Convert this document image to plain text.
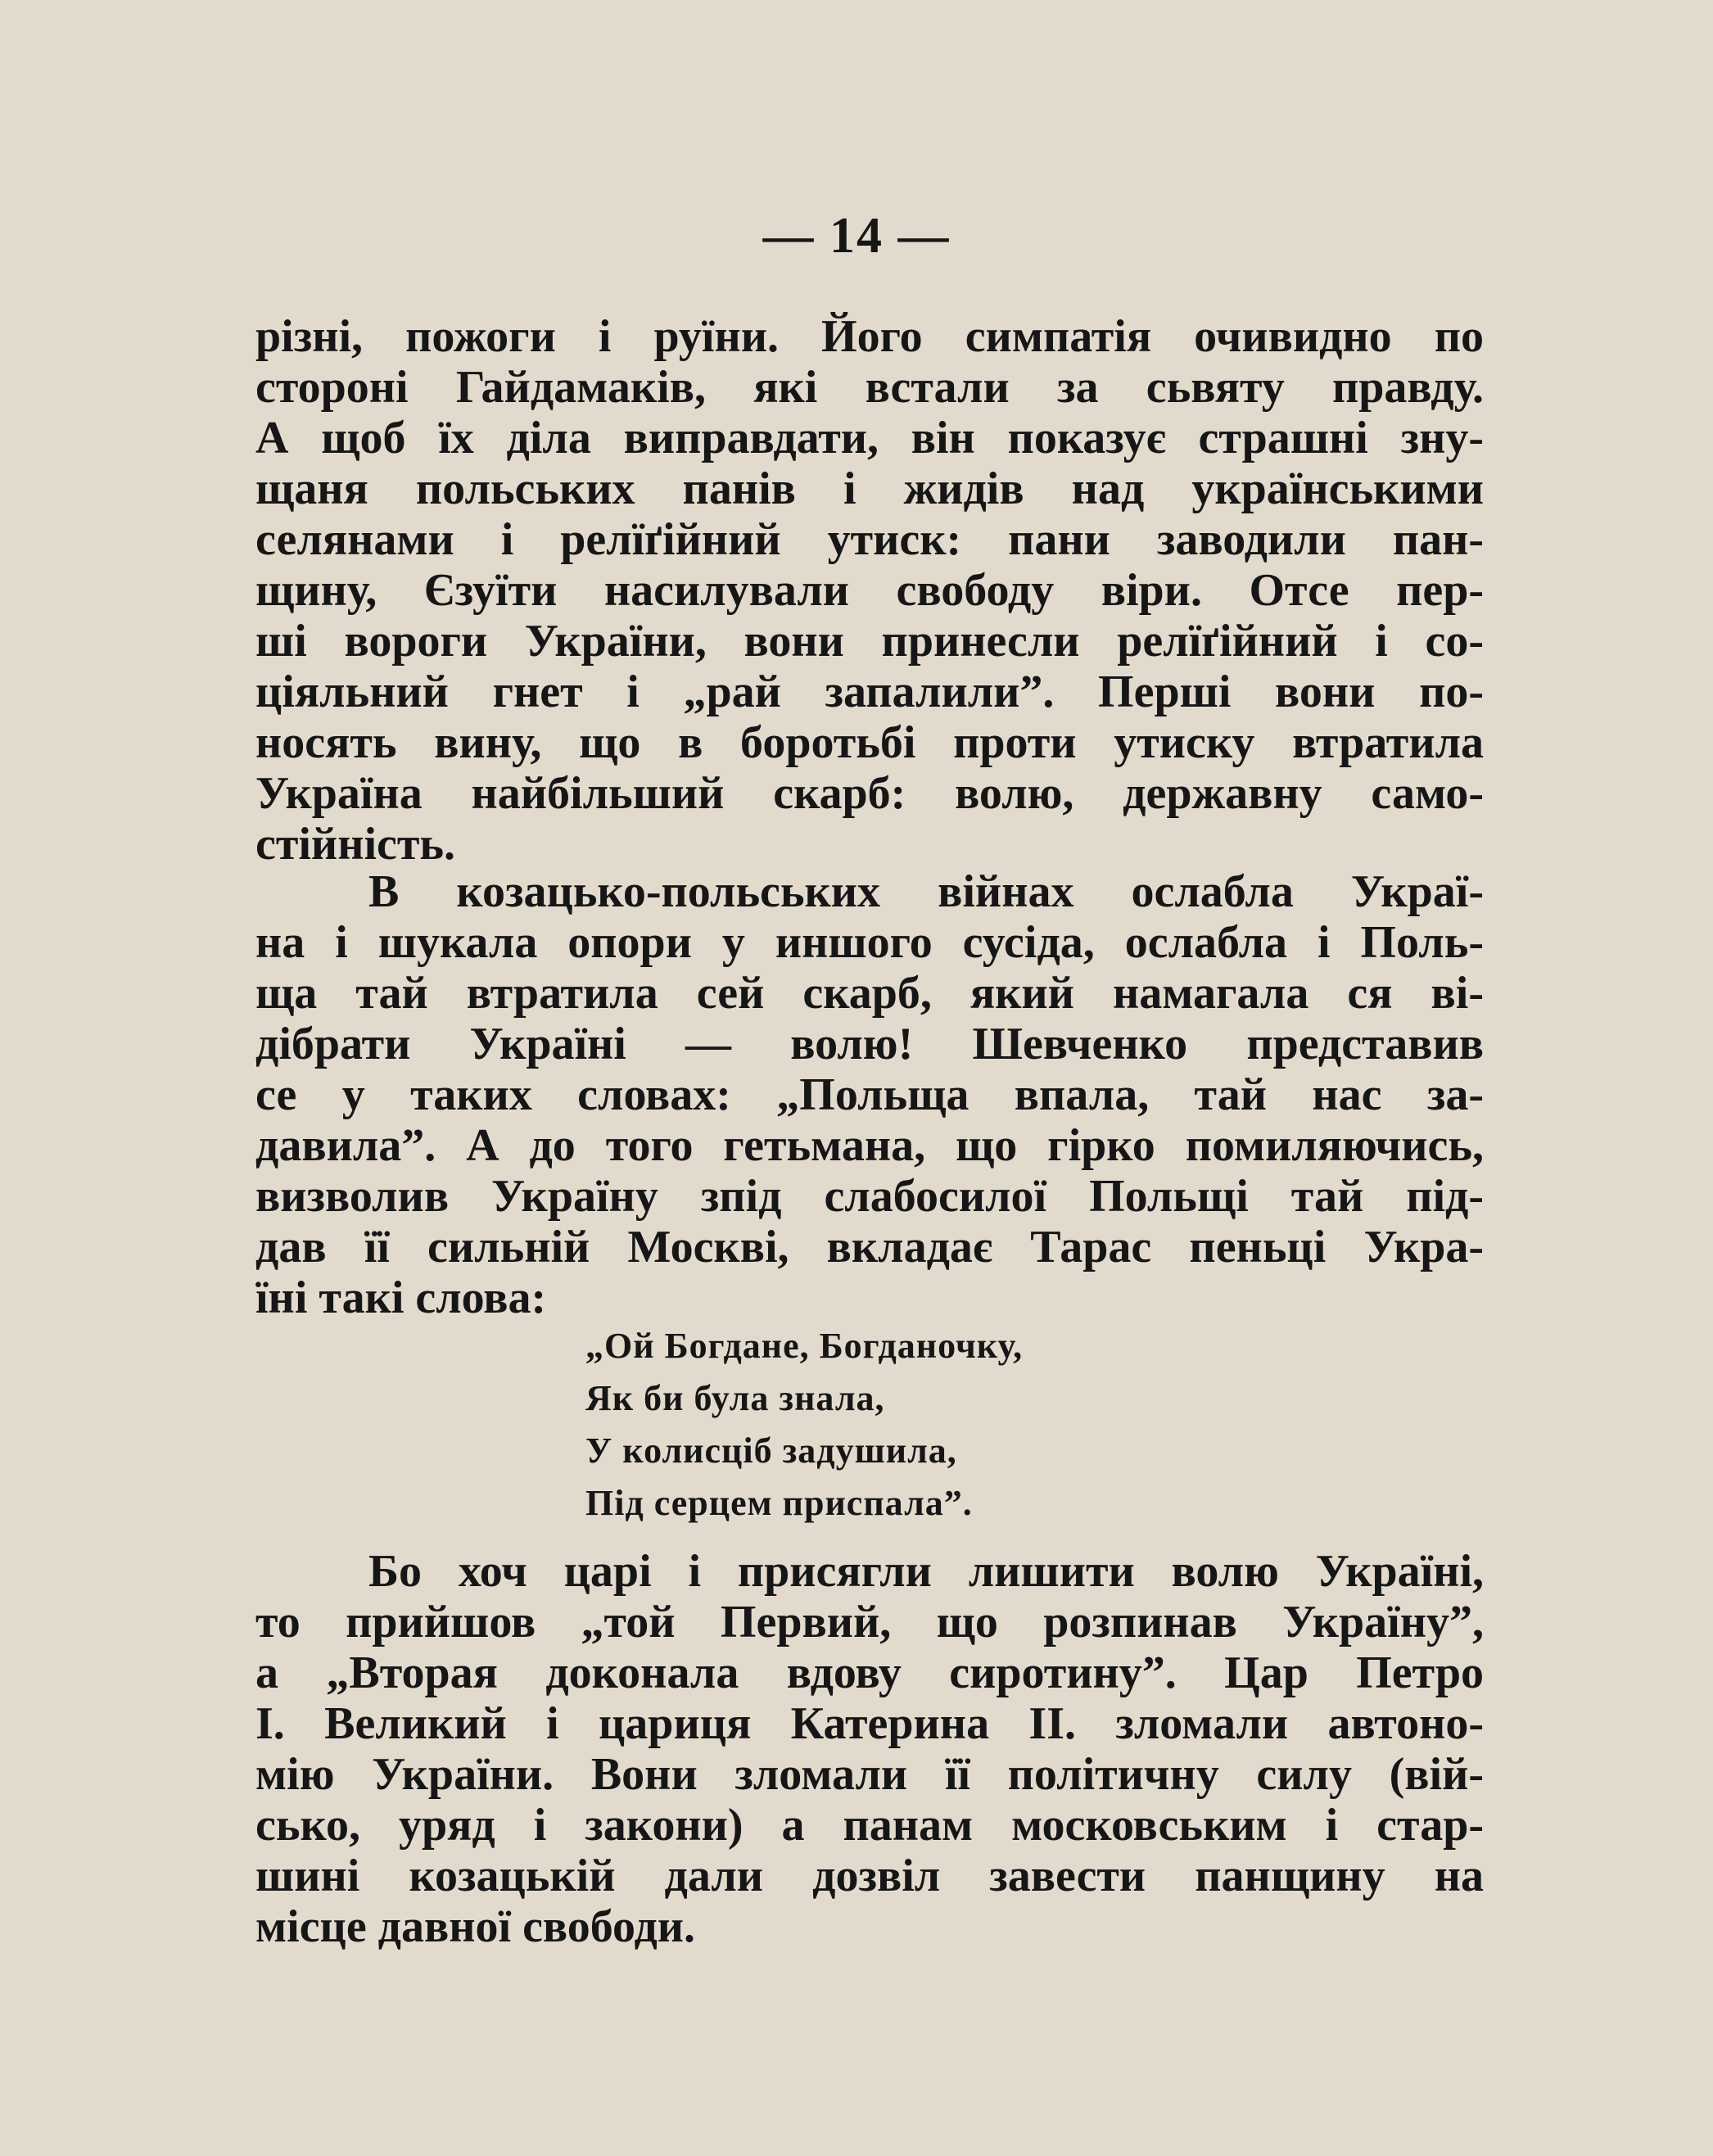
— 14 —
різні, пожоги і руїни. Його симпатія очивидно по
стороні Гайдамаків, які встали за сьвяту правду.
А щоб їх діла виправдати, він показує страшні зну-
щаня польських панів і жидів над українськими
селянами і релїґійний утиск: пани заводили пан-
щину, Єзуїти насилували свободу віри. Отсе пер-
ші вороги України, вони принесли релїґійний і со-
ціяльний гнет і „рай запалили”. Перші вони по-
носять вину, що в боротьбі проти утиску втратила
Україна найбільший скарб: волю, державну само-
стійність.
В козацько-польських війнах ослабла Украї-
на і шукала опори у иншого сусіда, ослабла і Поль-
ща тай втратила сей скарб, який намагала ся ві-
дібрати Україні — волю! Шевченко представив
се у таких словах: „Польща впала, тай нас за-
давила”. А до того гетьмана, що гірко помиляючись,
визволив Україну зпід слабосилої Польщі тай під-
дав її сильній Москві, вкладає Тарас пеньці Укра-
їні такі слова:
„Ой Богдане, Богданочку,
Як би була знала,
У колисціб задушила,
Під серцем приспала”.
Бо хоч царі і присягли лишити волю Україні,
то прийшов „той Первий, що розпинав Україну”,
а „Вторая доконала вдову сиротину”. Цар Петро
І. Великий і цариця Катерина ІІ. зломали автоно-
мію України. Вони зломали її політичну силу (вій-
сько, уряд і закони) а панам московським і стар-
шині козацькій дали дозвіл завести панщину на
місце давної свободи.
